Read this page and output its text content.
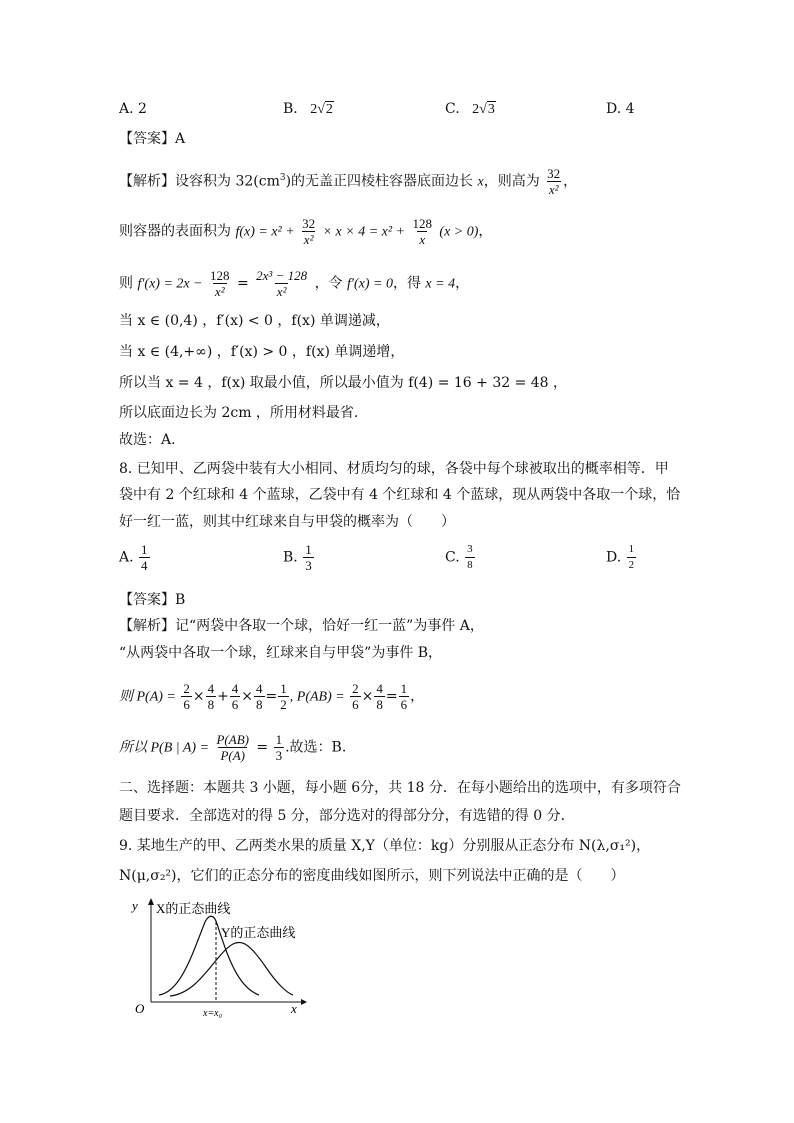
A. 2	B. 2√2	C. 2√3	D. 4
【答案】A
【解析】设容积为 $32(cm^3)$的无盖正四棱柱容器底面边长 x，则高为 $\frac{32}{\text{x²}}$ ，
则容器的表面积为 $f(x) = x^2 + \frac{32}{\text{x²}} \times x \times 4 = x^2 + \frac{128}{x} (x > 0)$，
则 $f'(x) = 2x - \frac{128}{\text{x²}} = \frac{\text{2x³ − 128}}{\text{x²}}$ ，令 f′(x) = 0，得 x = 4，
当 x ∈ (0,4) ，f′(x) < 0 ，f(x) 单调递减，
当 x ∈ (4,+∞) ，f′(x) > 0 ，f(x) 单调递增，
所以当 x = 4 ，f(x) 取最小值，所以最小值为 f(4) = 16 + 32 = 48 ，
所以底面边长为 2cm ，所用材料最省.
故选：A.
8. 已知甲、乙两袋中装有大小相同、材质均匀的球，各袋中每个球被取出的概率相等．甲
袋中有 2 个红球和 4 个蓝球，乙袋中有 4 个红球和 4 个蓝球，现从两袋中各取一个球，恰
好一红一蓝，则其中红球来自与甲袋的概率为（　　）
A. $\frac{1}{4}$	B. $\frac{1}{3}$	C. $\frac{3}{8}$	D. $\frac{1}{2}$
【答案】B
【解析】记“两袋中各取一个球，恰好一红一蓝”为事件 A，
“从两袋中各取一个球，红球来自与甲袋”为事件 B，
则 $P(A) = \frac{2}{6} \times \frac{4}{8} + \frac{4}{6} \times \frac{4}{8} = \frac{1}{2}$ , $P(AB) = \frac{2}{6} \times \frac{4}{8} = \frac{1}{6}$ ，
所以 P(B | $A) = \frac{P(AB)}{P(A)} = \frac{1}{3}$ .故选：B.
二、选择题：本题共 3 小题，每小题 6分，共 18 分．在每小题给出的选项中，有多项符合
题目要求．全部选对的得 5 分，部分选对的得部分分，有选错的得 0 分．
9. 某地生产的甲、乙两类水果的质量 X,Y（单位：kg）分别服从正态分布 N(λ,σ₁²)，
N(μ,σ₂²)，它们的正态分布的密度曲线如图所示，则下列说法中正确的是（　　）
y
x
O
X的正态曲线
Y的正态曲线
x=x₀
